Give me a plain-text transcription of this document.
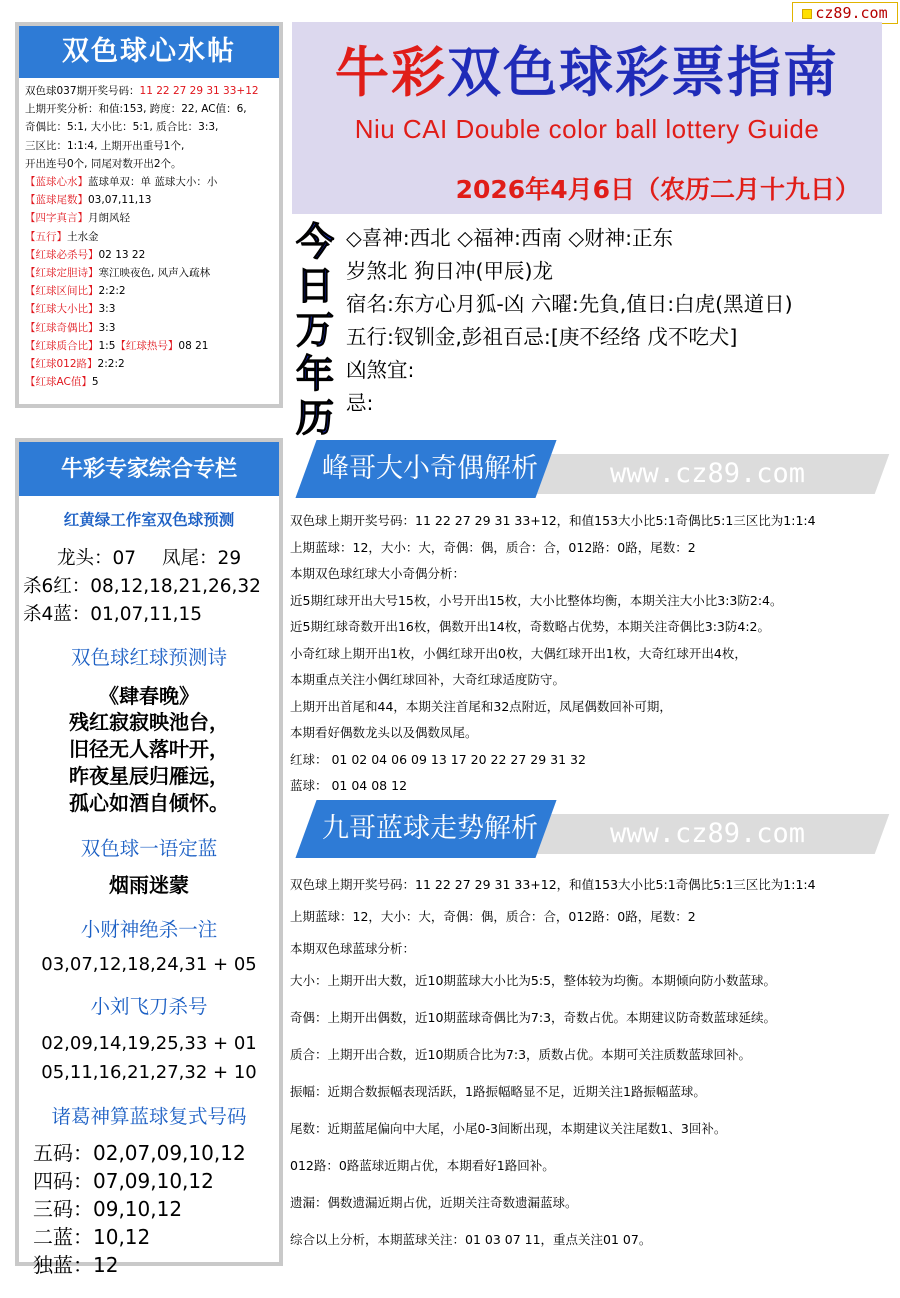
cz89.com
双色球心水帖
双色球037期开奖号码：11 22 27 29 31 33+12
上期开奖分析：和值:153, 跨度：22, AC值：6,
奇偶比：5:1, 大小比：5:1, 质合比：3:3,
三区比：1:1:4, 上期开出重号1个,
开出连号0个, 同尾对数开出2个。
【蓝球心水】蓝球单双：单 蓝球大小：小
【蓝球尾数】03,07,11,13
【四字真言】月朗风轻
【五行】土水金
【红球必杀号】02 13 22
【红球定胆诗】寒江映夜色, 风声入疏林
【红球区间比】2:2:2
【红球大小比】3:3
【红球奇偶比】3:3
【红球质合比】1:5【红球热号】08 21
【红球012路】2:2:2
【红球AC值】5
牛彩专家综合专栏
红黄绿工作室双色球预测
龙头：07 凤尾：29
杀6红：08,12,18,21,26,32
杀4蓝：01,07,11,15
双色球红球预测诗
《肆春晚》
残红寂寂映池台，
旧径无人落叶开，
昨夜星辰归雁远，
孤心如酒自倾怀。
双色球一语定蓝
烟雨迷蒙
小财神绝杀一注
03,07,12,18,24,31 + 05
小刘飞刀杀号
02,09,14,19,25,33 + 01
05,11,16,21,27,32 + 10
诸葛神算蓝球复式号码
五码：02,07,09,10,12
四码：07,09,10,12
三码：09,10,12
二蓝：10,12
独蓝：12
牛彩双色球彩票指南
Niu CAI Double color ball lottery Guide
2026年4月6日（农历二月十九日）
今
日
万
年
历
◇喜神:西北 ◇福神:西南 ◇财神:正东
岁煞北 狗日冲(甲辰)龙
宿名:东方心月狐-凶 六曜:先負,值日:白虎(黑道日)
五行:钗钏金,彭祖百忌:[庚不经络 戊不吃犬]
凶煞宜:
忌:
峰哥大小奇偶解析	www.cz89.com
双色球上期开奖号码：11 22 27 29 31 33+12，和值153大小比5:1奇偶比5:1三区比为1:1:4
上期蓝球：12，大小：大，奇偶：偶，质合：合，012路：0路，尾数：2
本期双色球红球大小奇偶分析：
近5期红球开出大号15枚，小号开出15枚，大小比整体均衡，本期关注大小比3:3防2:4。
近5期红球奇数开出16枚，偶数开出14枚，奇数略占优势，本期关注奇偶比3:3防4:2。
小奇红球上期开出1枚，小偶红球开出0枚，大偶红球开出1枚，大奇红球开出4枚，
本期重点关注小偶红球回补，大奇红球适度防守。
上期开出首尾和44，本期关注首尾和32点附近，凤尾偶数回补可期，
本期看好偶数龙头以及偶数凤尾。
红球： 01 02 04 06 09 13 17 20 22 27 29 31 32
蓝球： 01 04 08 12
九哥蓝球走势解析	www.cz89.com
双色球上期开奖号码：11 22 27 29 31 33+12，和值153大小比5:1奇偶比5:1三区比为1:1:4
上期蓝球：12，大小：大，奇偶：偶，质合：合，012路：0路，尾数：2
本期双色球蓝球分析：
大小：上期开出大数，近10期蓝球大小比为5:5，整体较为均衡。本期倾向防小数蓝球。
奇偶：上期开出偶数，近10期蓝球奇偶比为7:3，奇数占优。本期建议防奇数蓝球延续。
质合：上期开出合数，近10期质合比为7:3，质数占优。本期可关注质数蓝球回补。
振幅：近期合数振幅表现活跃，1路振幅略显不足，近期关注1路振幅蓝球。
尾数：近期蓝尾偏向中大尾，小尾0-3间断出现，本期建议关注尾数1、3回补。
012路：0路蓝球近期占优，本期看好1路回补。
遗漏：偶数遗漏近期占优，近期关注奇数遗漏蓝球。
综合以上分析，本期蓝球关注：01 03 07 11，重点关注01 07。
